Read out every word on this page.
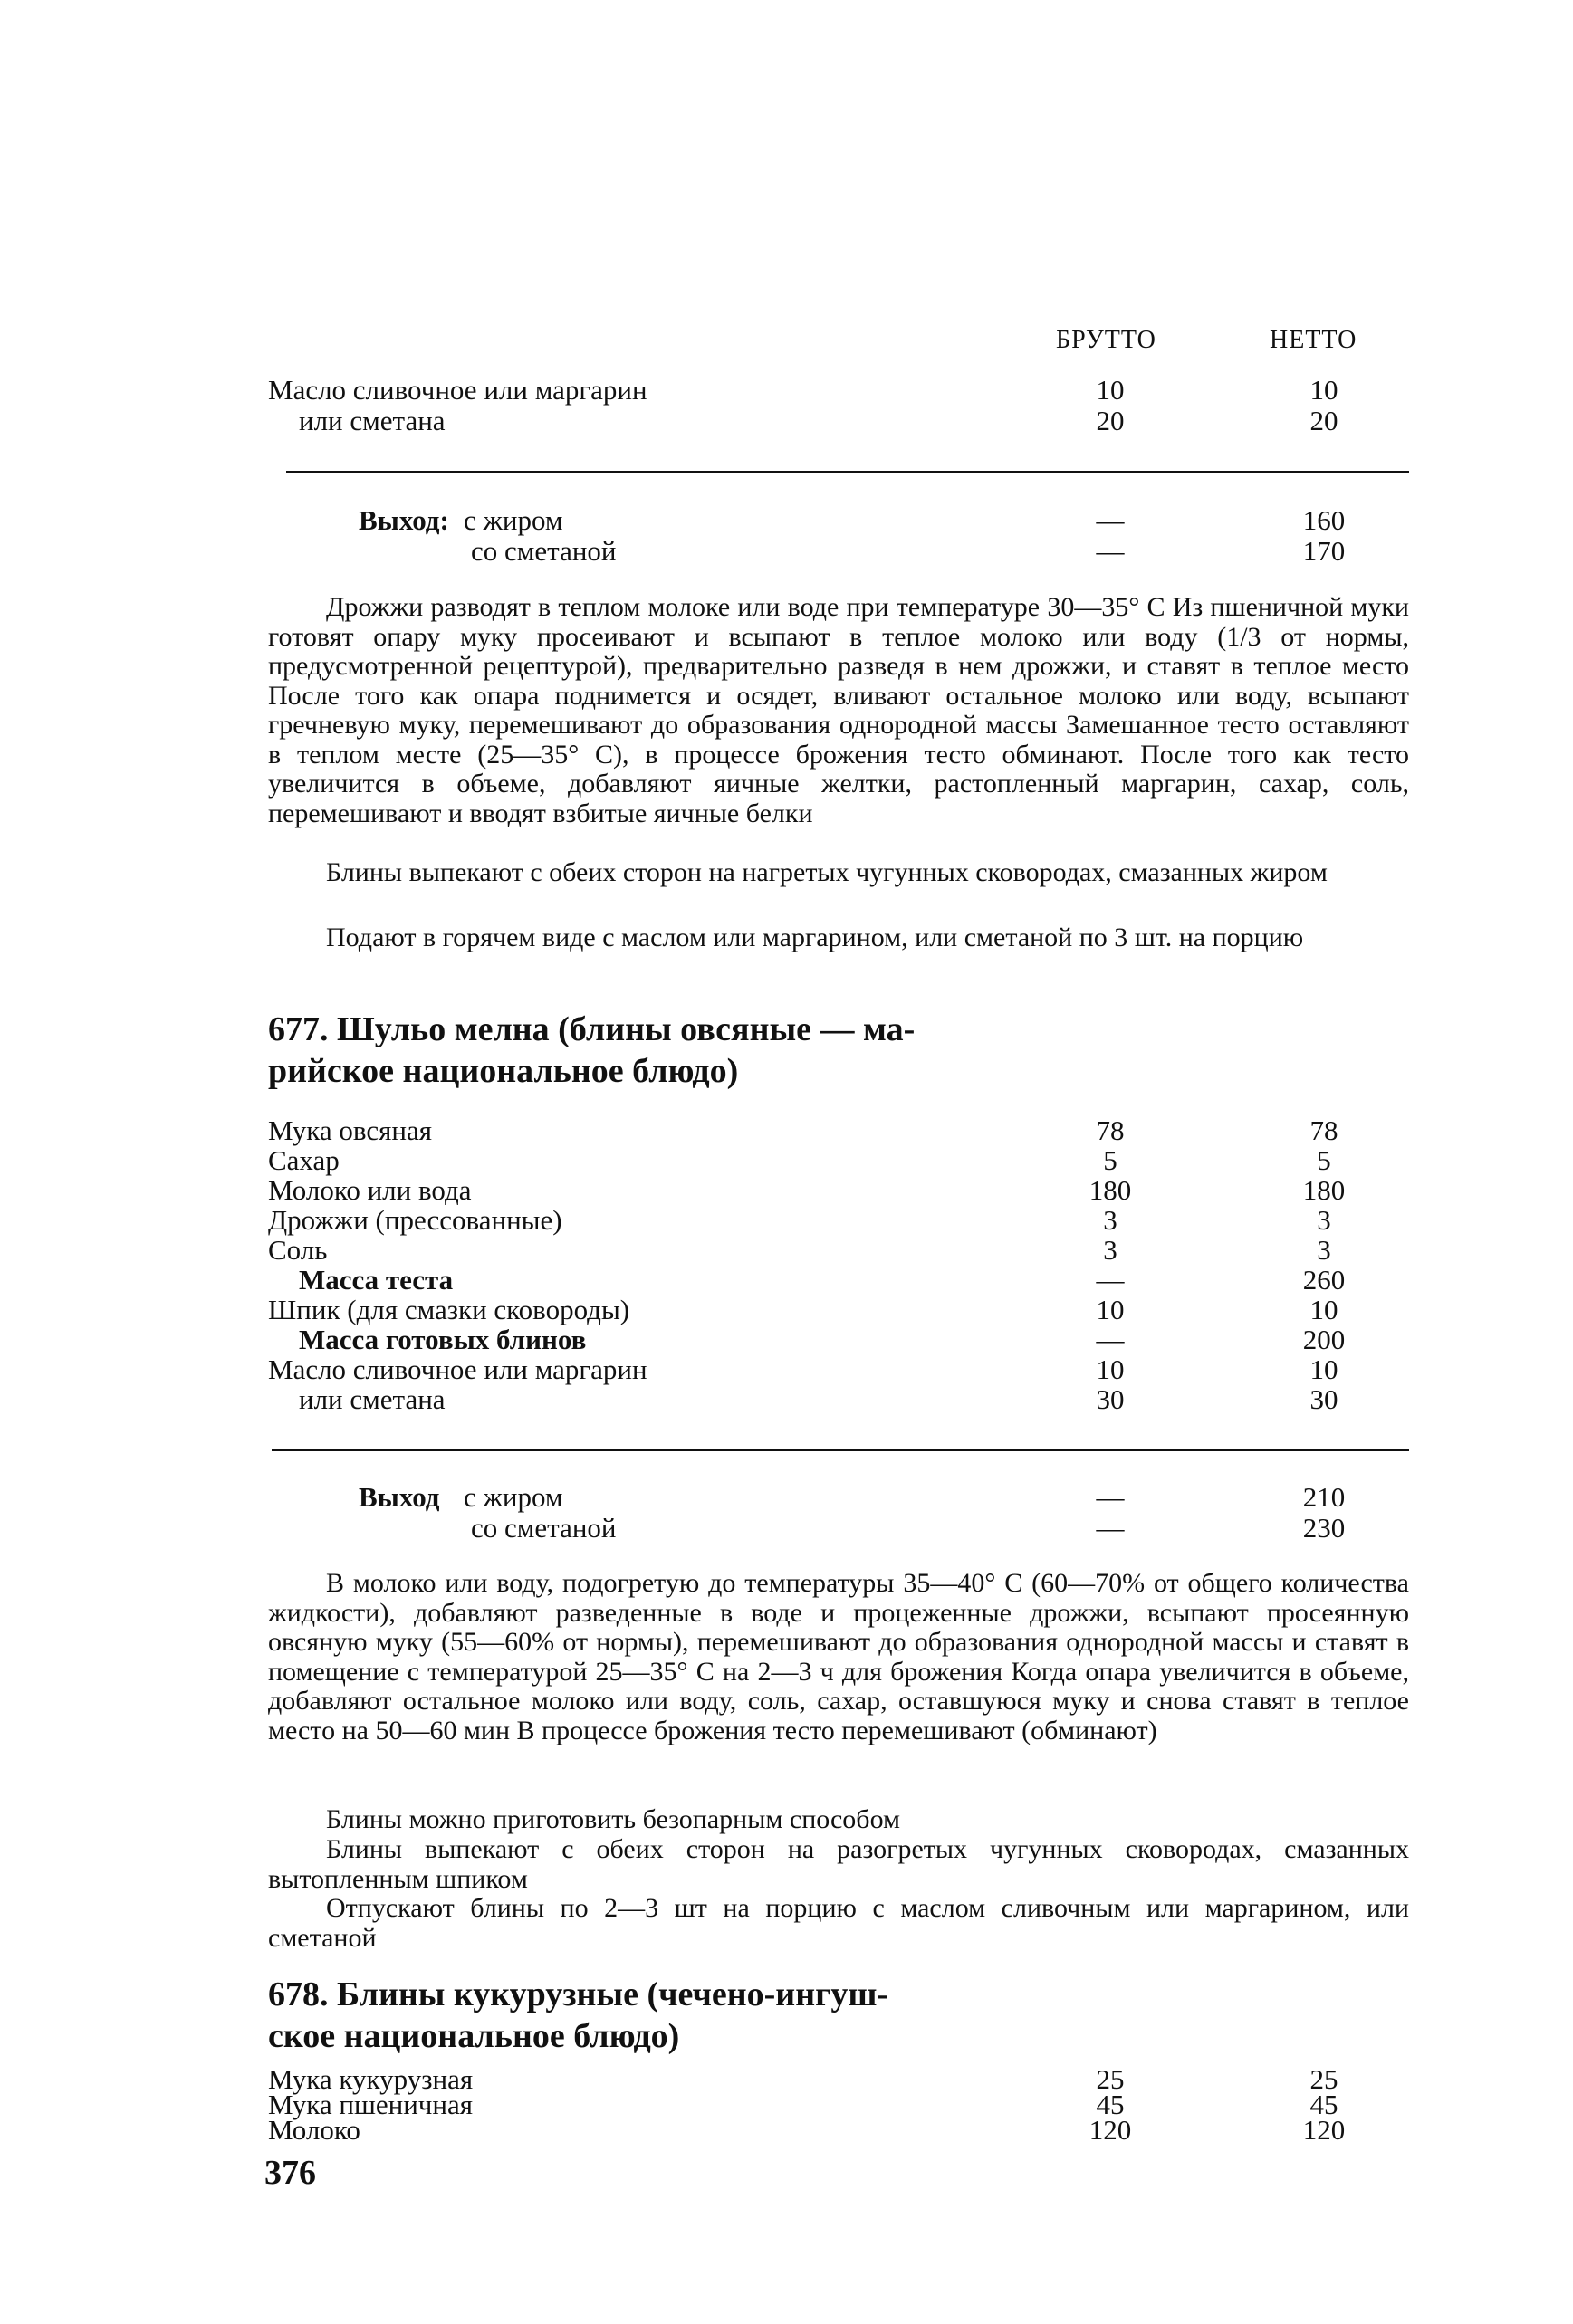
БРУТТО	НЕТТО
Масло сливочное или маргарин	10	10
или сметана	20	20
Выход: с жиром	—	160
со сметаной	—	170

Дрожжи разводят в теплом молоке или воде при температуре 30—35° С Из пшеничной муки готовят опару муку просеивают и всыпают в теплое молоко или воду (1/3 от нормы, предусмотренной рецептурой), предварительно разведя в нем дрожжи, и ставят в теплое место После того как опара поднимется и осядет, вливают остальное молоко или воду, всыпают гречневую муку, перемешивают до образования однородной массы Замешанное тесто оставляют в теплом месте (25—35° С), в процессе брожения тесто обминают. После того как тесто увеличится в объеме, добавляют яичные желтки, растопленный маргарин, сахар, соль, перемешивают и вводят взбитые яичные белки

Блины выпекают с обеих сторон на нагретых чугунных сковородах, смазанных жиром

Подают в горячем виде с маслом или маргарином, или сметаной по 3 шт. на порцию

677. Шульо мелна (блины овсяные — ма-
рийское национальное блюдо)
Мука овсяная	78	78
Сахар	5	5
Молоко или вода	180	180
Дрожжи (прессованные)	3	3
Соль	3	3
Масса теста	—	260
Шпик (для смазки сковороды)	10	10
Масса готовых блинов	—	200
Масло сливочное или маргарин	10	10
или сметана	30	30
Выход с жиром	—	210
со сметаной	—	230

В молоко или воду, подогретую до температуры 35—40° С (60—70% от общего количества жидкости), добавляют разведенные в воде и процеженные дрожжи, всыпают просеянную овсяную муку (55—60% от нормы), перемешивают до образования однородной массы и ставят в помещение с температурой 25—35° С на 2—3 ч для брожения Когда опара увеличится в объеме, добавляют остальное молоко или воду, соль, сахар, оставшуюся муку и снова ставят в теплое место на 50—60 мин В процессе брожения тесто перемешивают (обминают)

Блины можно приготовить безопарным способом

Блины выпекают с обеих сторон на разогретых чугунных сковородах, смазанных вытопленным шпиком

Отпускают блины по 2—3 шт на порцию с маслом сливочным или маргарином, или сметаной

678. Блины кукурузные (чечено-ингуш-
ское национальное блюдо)
Мука кукурузная	25	25
Мука пшеничная	45	45
Молоко	120	120
376
